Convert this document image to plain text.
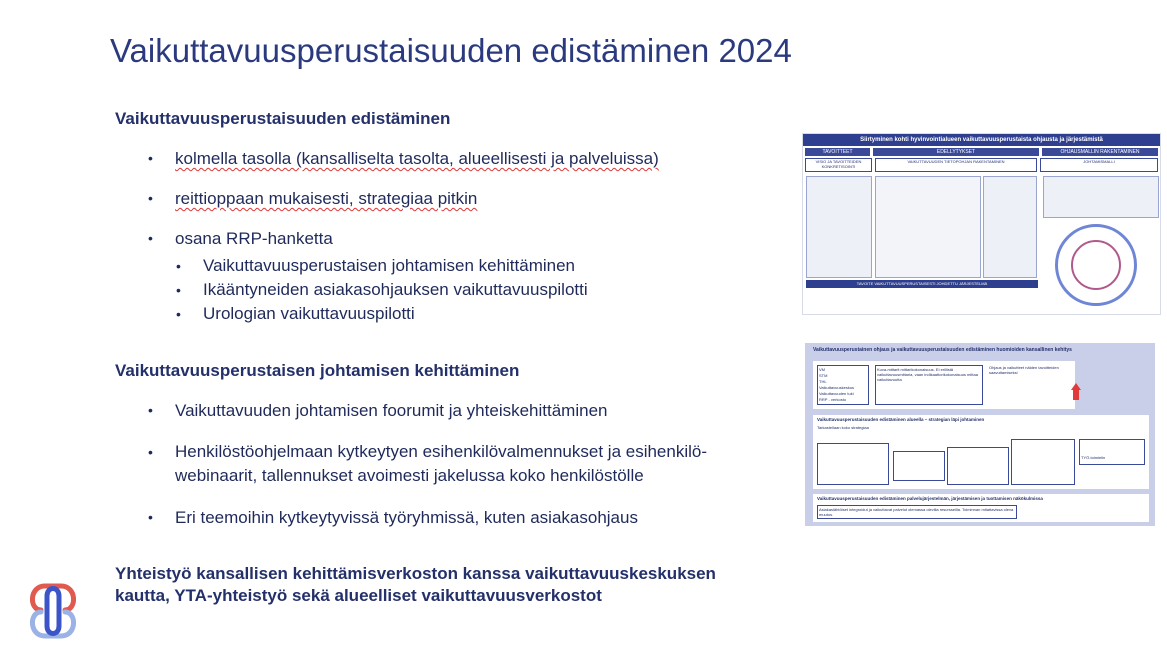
Vaikuttavuusperustaisuuden edistäminen 2024
Vaikuttavuusperustaisuuden edistäminen
• kolmella tasolla (kansalliselta tasolta, alueellisesti ja palveluissa)
• reittioppaan mukaisesti, strategiaa pitkin
• osana RRP-hanketta
• Vaikuttavuusperustaisen johtamisen kehittäminen
• Ikääntyneiden asiakasohjauksen vaikuttavuuspilotti
• Urologian vaikuttavuuspilotti
Vaikuttavuusperustaisen johtamisen kehittäminen
• Vaikuttavuuden johtamisen foorumit ja yhteiskehittäminen
• Henkilöstöohjelmaan kytkeytyen esihenkilövalmennukset ja esihenkilö-webinaarit, tallennukset avoimesti jakelussa koko henkilöstölle
• Eri teemoihin kytkeytyvissä työryhmissä, kuten asiakasohjaus
Yhteistyö kansallisen kehittämisverkoston kanssa vaikuttavuuskeskuksen
kautta, YTA-yhteistyö sekä alueelliset vaikuttavuusverkostot
Siirtyminen kohti hyvinvointialueen vaikuttavuusperustaista ohjausta ja järjestämistä
TAVOITTEET	EDELLYTYKSET	OHJAUSMALLIN RAKENTAMINEN
VISIO JA TAVOITTEIDEN KONKRETISOINTI
VAIKUTTAVUUDEN TIETOPOHJAN RAKENTAMINEN	JOHTAMISMALLI
TAVOITE VAIKUTTAVUUSPERUSTAISESTI JOHDETTU JÄRJESTELMÄ
Vaikuttavuusperustainen ohjaus ja vaikuttavuusperustaisuuden edistäminen huomioiden kansallinen kehitys
VM
STM
THL
Vaikuttavuuskeskus
Vaikuttavuuden tuki
RRP - verkosto
Kuva-mittarit mittarikokonaisuus. Ei erillistä vaikuttavuusmittaria, vaan indikaattorikokonaisuus mittaa vaikuttavuutta
Ohjaus ja vaikutteet näiden tavoitteiden saavuttamiseksi
Vaikuttavuusperustaisuuden edistäminen alueella – strategian läpi johtaminen
Tarkastellaan koko strategiaa
TYÖ-toimielin
Vaikuttavuusperustaisuuden edistäminen palvelujärjestelmän, järjestämisen ja tuottamisen näkökulmissa
Asiakaslähtöiset integroidut ja vaikuttavat palvelut olemassa olevilla resursseilla. Toiminnan mitattavissa oleva muutos.
